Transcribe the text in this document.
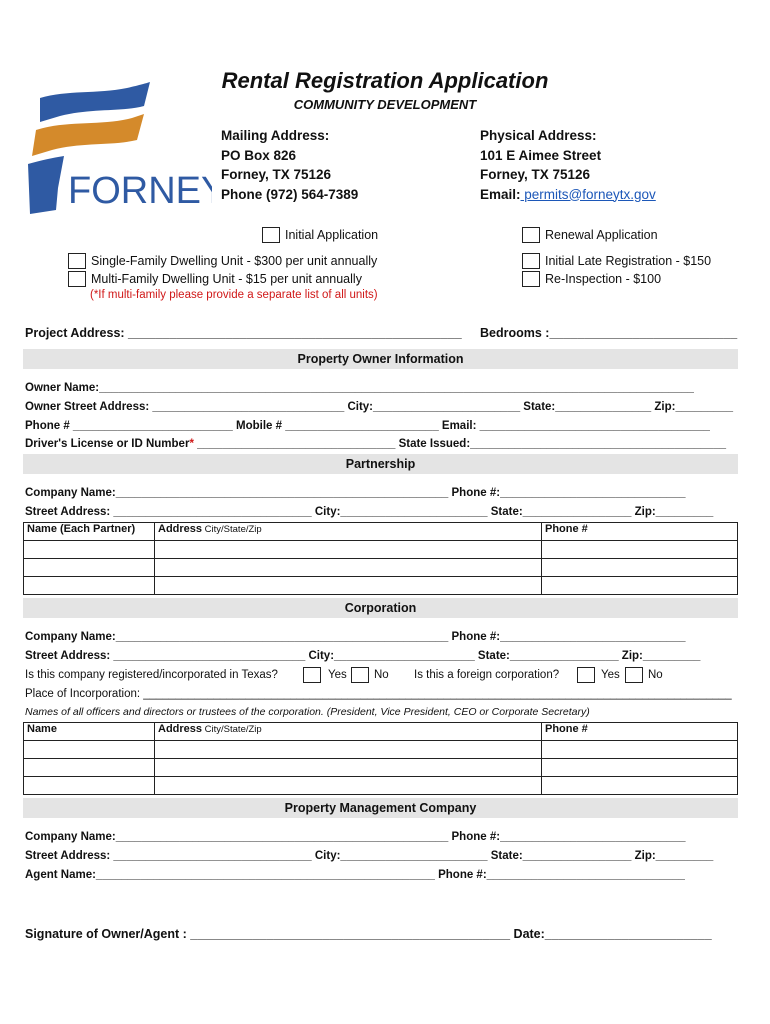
FORNEY
Rental Registration Application
COMMUNITY DEVELOPMENT
Mailing Address:
PO Box 826
Forney, TX 75126
Phone (972) 564-7389
Physical Address:
101 E Aimee Street
Forney, TX 75126
Email: permits@forneytx.gov
Initial Application	Renewal Application
Single-Family Dwelling Unit - $300 per unit annually
Multi-Family Dwelling Unit - $15 per unit annually
(*If multi-family please provide a separate list of all units)
Initial Late Registration - $150
Re-Inspection - $100
Project Address: ________________________________________________ Bedrooms :___________________________
Property Owner Information
Owner Name:_____________________________________________________________________________________________
Owner Street Address: ______________________________ City:_______________________ State:_______________ Zip:_________
Phone # _________________________ Mobile # ________________________ Email: ____________________________________
Driver's License or ID Number* _______________________________ State Issued:________________________________________
Partnership
Company Name:____________________________________________________ Phone #:_____________________________
Street Address: _______________________________ City:_______________________ State:_________________ Zip:_________
Name (Each Partner)	Address City/State/Zip	Phone #

Corporation
Company Name:____________________________________________________ Phone #:_____________________________
Street Address: ______________________________ City:______________________ State:_________________ Zip:_________
Is this company registered/incorporated in Texas?	Yes No Is this a foreign corporation?	Yes No
Place of Incorporation: ____________________________________________________________________________________________
Names of all officers and directors or trustees of the corporation. (President, Vice President, CEO or Corporate Secretary)
Name	Address City/State/Zip	Phone #

Property Management Company
Company Name:____________________________________________________ Phone #:_____________________________
Street Address: _______________________________ City:_______________________ State:_________________ Zip:_________
Agent Name:_____________________________________________________ Phone #:_______________________________
Signature of Owner/Agent : ______________________________________________ Date:________________________
